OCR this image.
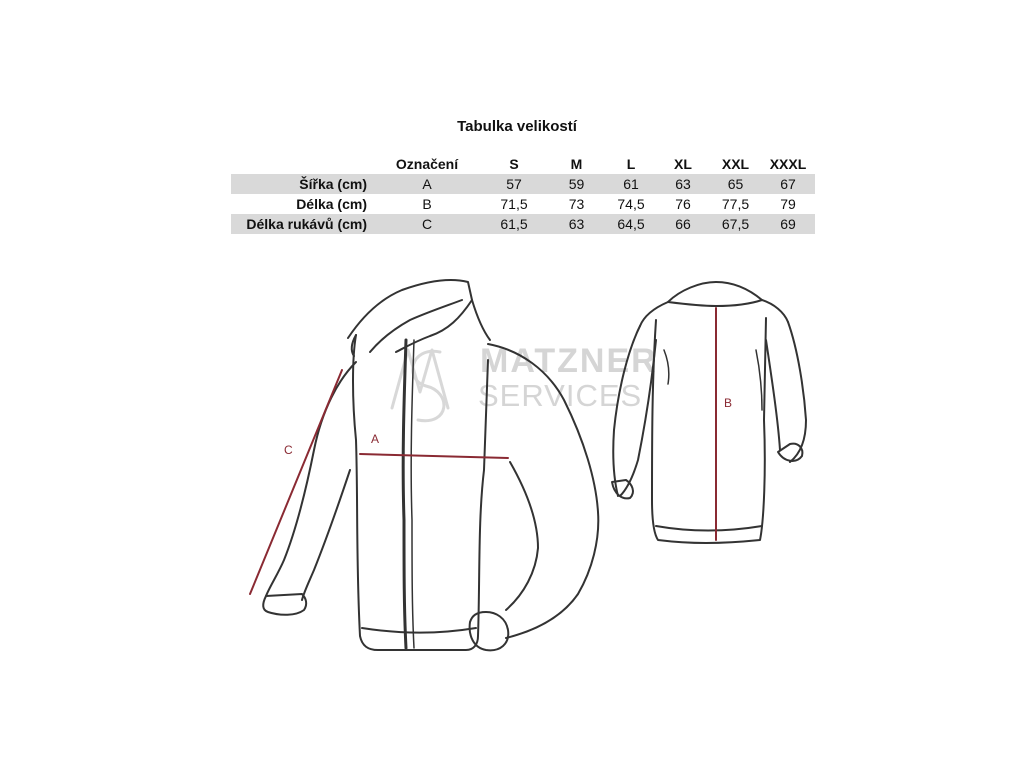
Tabulka velikostí
	Označení	S	M	L	XL	XXL	XXXL
Šířka (cm)	A	57	59	61	63	65	67
Délka (cm)	B	71,5	73	74,5	76	77,5	79
Délka rukávů (cm)	C	61,5	63	64,5	66	67,5	69
MATZNER
SERVICES
A
B
C
